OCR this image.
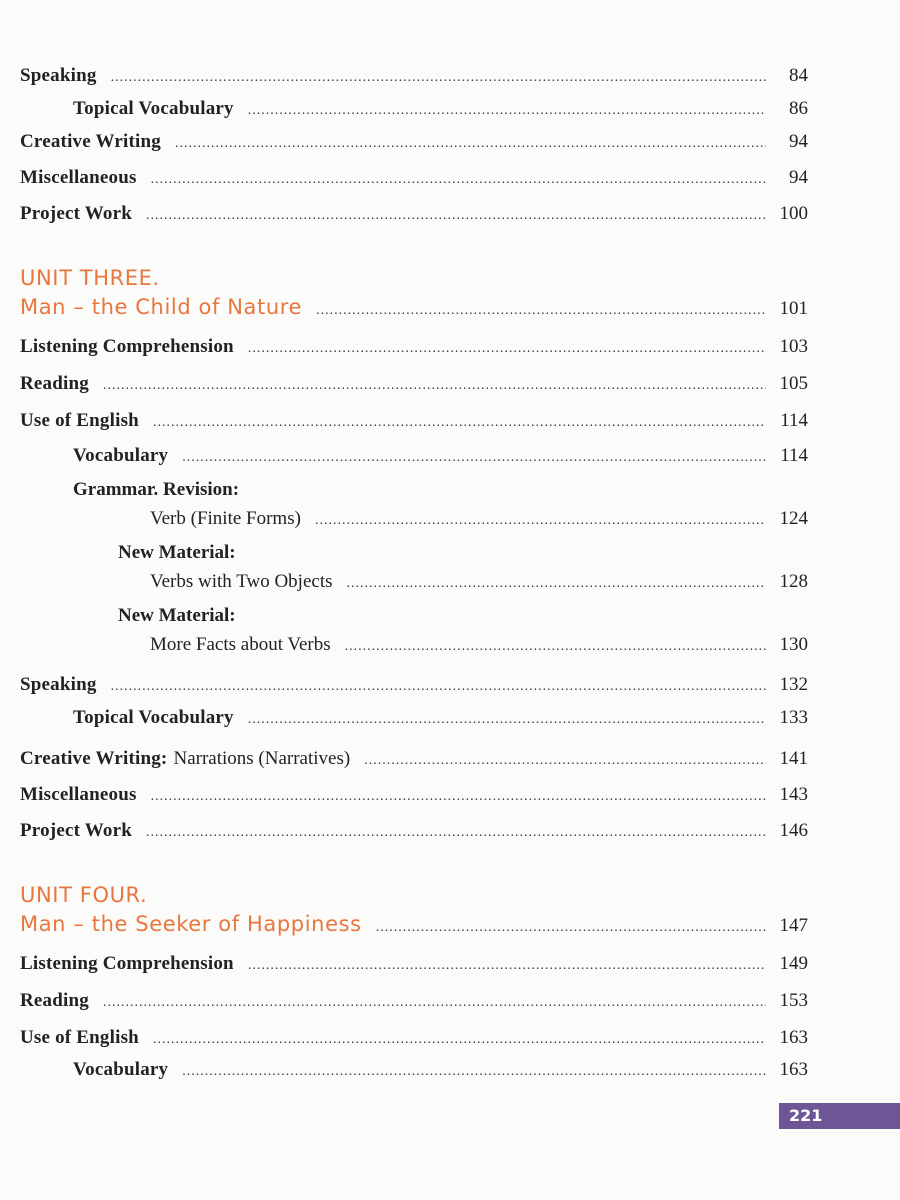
Speaking .....	84
Topical Vocabulary .....	86
Creative Writing .....	94
Miscellaneous .....	94
Project Work .....	100
UNIT THREE.
Man – the Child of Nature .....	101
Listening Comprehension .....	103
Reading .....	105
Use of English .....	114
Vocabulary .....	114
Grammar. Revision:
Verb (Finite Forms) .....	124
New Material:
Verbs with Two Objects .....	128
New Material:
More Facts about Verbs .....	130
Speaking .....	132
Topical Vocabulary .....	133
Creative Writing: Narrations (Narratives) .....	141
Miscellaneous .....	143
Project Work .....	146
UNIT FOUR.
Man – the Seeker of Happiness .....	147
Listening Comprehension .....	149
Reading .....	153
Use of English .....	163
Vocabulary .....	163
221
